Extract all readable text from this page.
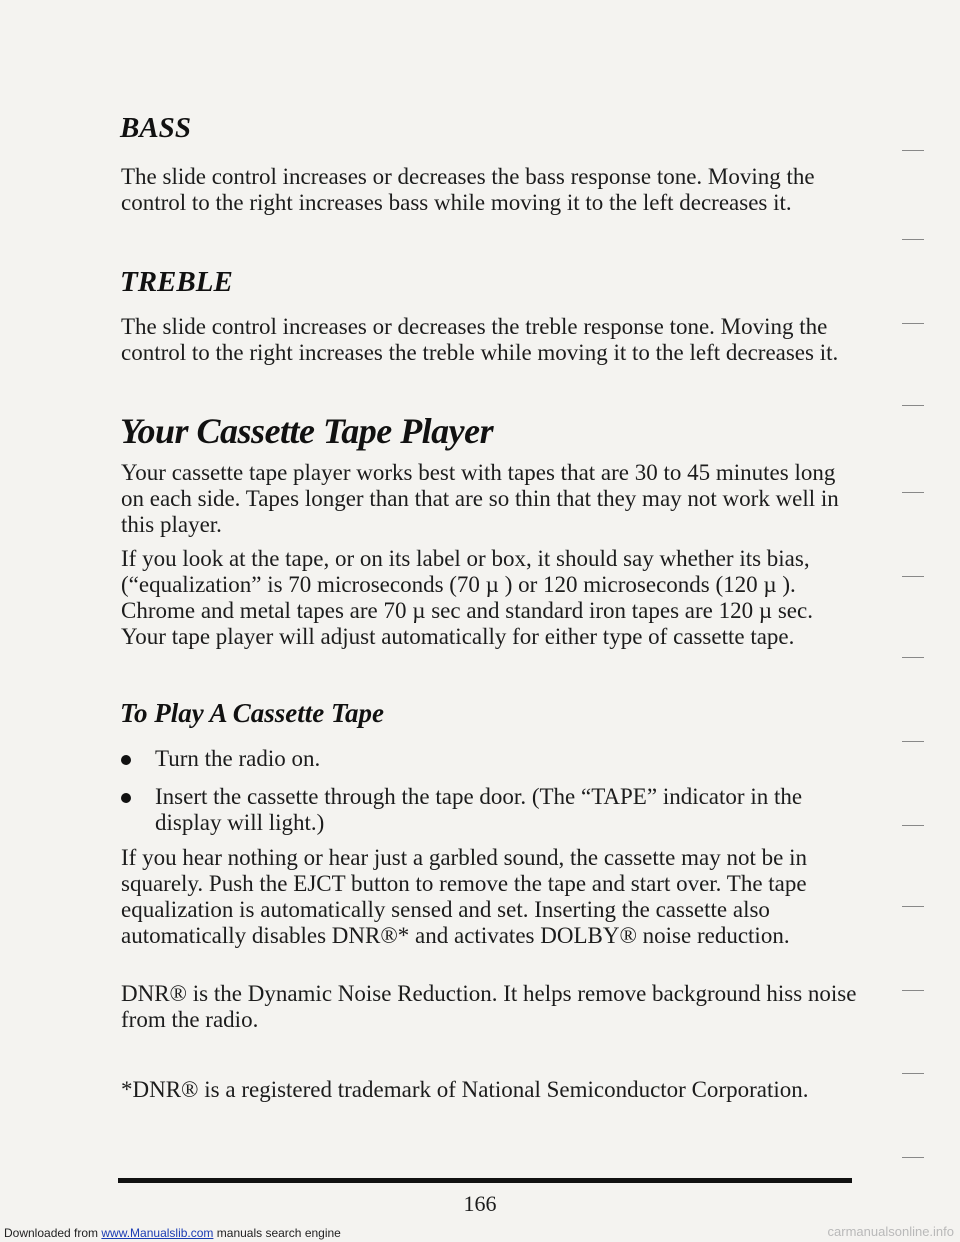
BASS

The slide control increases or decreases the bass response tone. Moving the control to the right increases bass while moving it to the left decreases it.

TREBLE

The slide control increases or decreases the treble response tone. Moving the control to the right increases the treble while moving it to the left decreases it.

Your Cassette Tape Player

Your cassette tape player works best with tapes that are 30 to 45 minutes long on each side. Tapes longer than that are so thin that they may not work well in this player.

If you look at the tape, or on its label or box, it should say whether its bias, (“equalization” is 70 microseconds (70 µ ) or 120 microseconds (120 µ ). Chrome and metal tapes are 70 µ sec and standard iron tapes are 120 µ sec. Your tape player will adjust automatically for either type of cassette tape.

To Play A Cassette Tape
Turn the radio on.
Insert the cassette through the tape door. (The “TAPE” indicator in the display will light.)

If you hear nothing or hear just a garbled sound, the cassette may not be in squarely. Push the EJCT button to remove the tape and start over. The tape equalization is automatically sensed and set. Inserting the cassette also automatically disables DNR®* and activates DOLBY® noise reduction.

DNR® is the Dynamic Noise Reduction. It helps remove background hiss noise from the radio.

*DNR® is a registered trademark of National Semiconductor Corporation.

166
Downloaded from www.Manualslib.com manuals search engine	carmanualsonline.info
